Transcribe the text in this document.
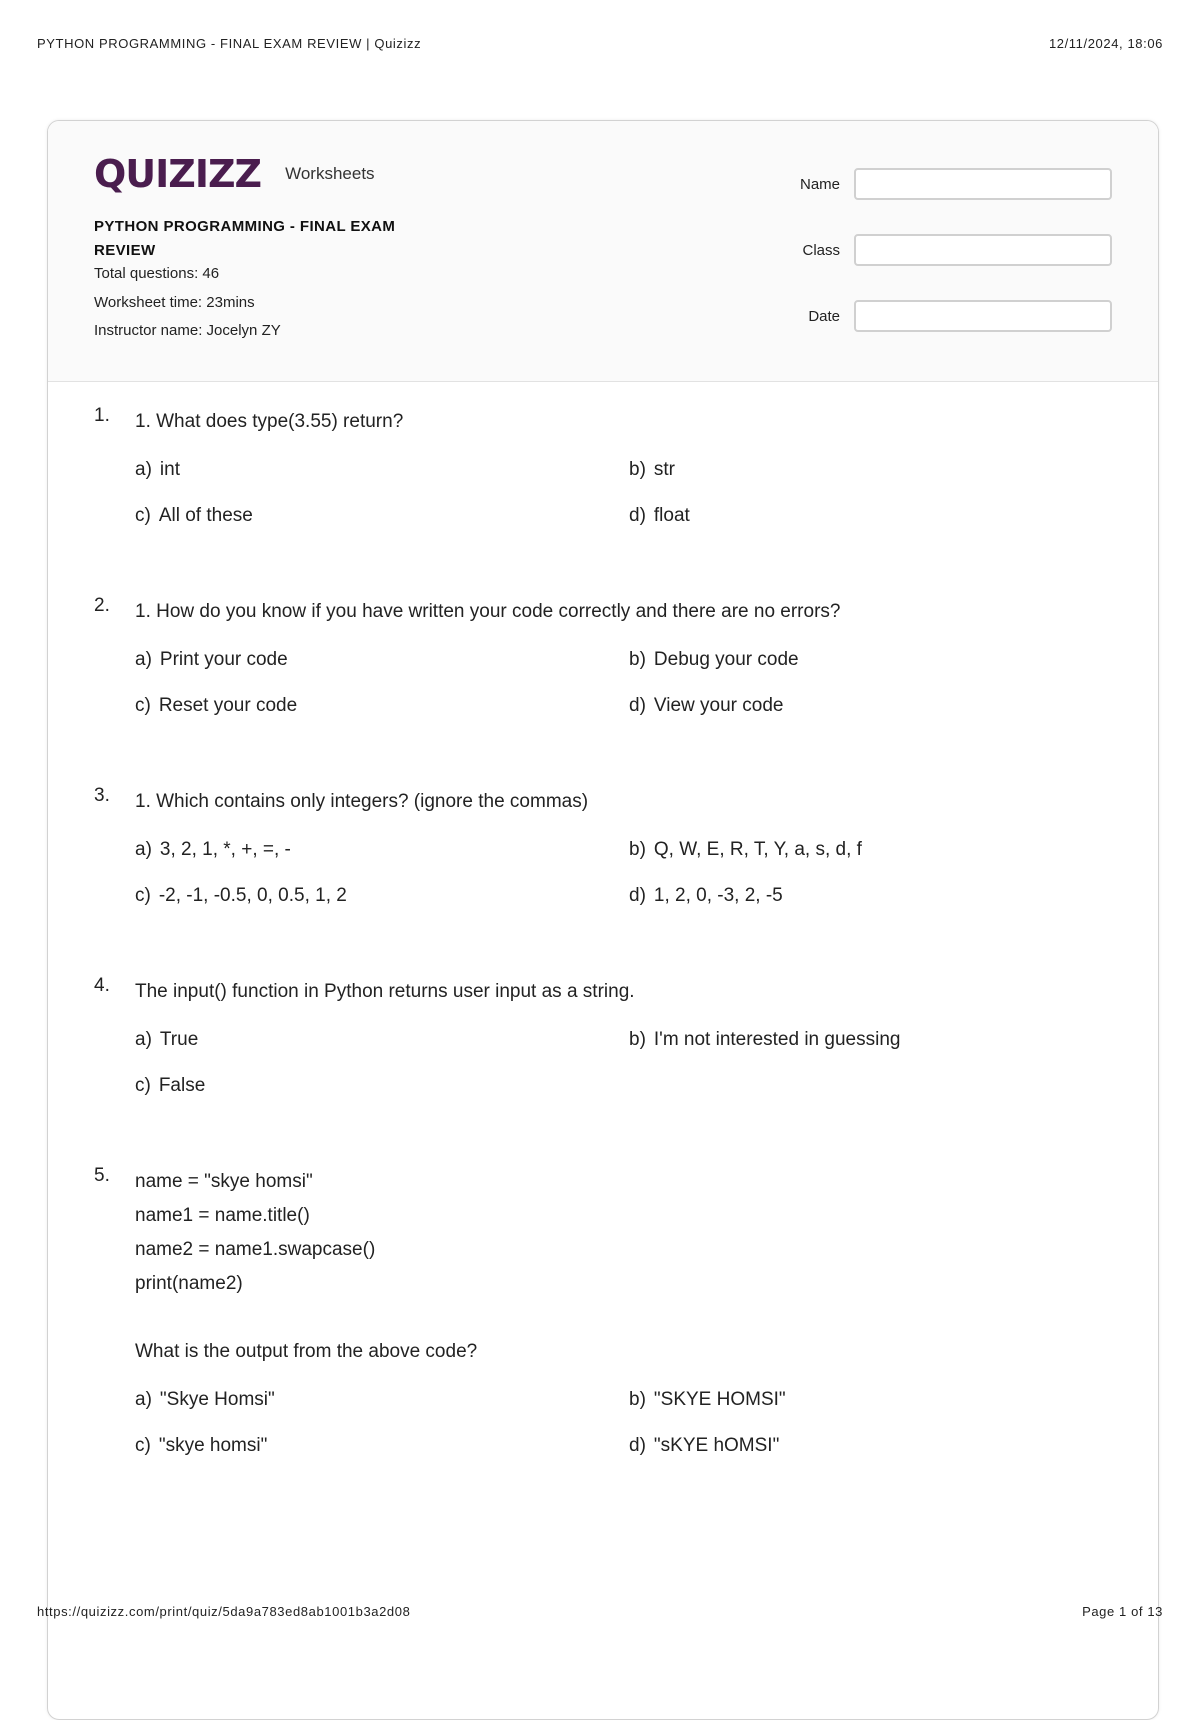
PYTHON PROGRAMMING - FINAL EXAM REVIEW | Quizizz	12/11/2024, 18:06
QUIZIZZ Worksheets
PYTHON PROGRAMMING - FINAL EXAM REVIEW
Total questions: 46
Worksheet time: 23mins
Instructor name: Jocelyn ZY
Name
Class
Date
1. 1. What does type(3.55) return?
a) int	b) str
c) All of these	d) float
2. 1. How do you know if you have written your code correctly and there are no errors?
a) Print your code	b) Debug your code
c) Reset your code	d) View your code
3. 1. Which contains only integers? (ignore the commas)
a) 3, 2, 1, *, +, =, -	b) Q, W, E, R, T, Y, a, s, d, f
c) -2, -1, -0.5, 0, 0.5, 1, 2	d) 1, 2, 0, -3, 2, -5
4. The input() function in Python returns user input as a string.
a) True	b) I'm not interested in guessing
c) False
5. name = "skye homsi"
name1 = name.title()
name2 = name1.swapcase()
print(name2)
What is the output from the above code?
a) "Skye Homsi"	b) "SKYE HOMSI"
c) "skye homsi"	d) "sKYE hOMSI"
https://quizizz.com/print/quiz/5da9a783ed8ab1001b3a2d08	Page 1 of 13
